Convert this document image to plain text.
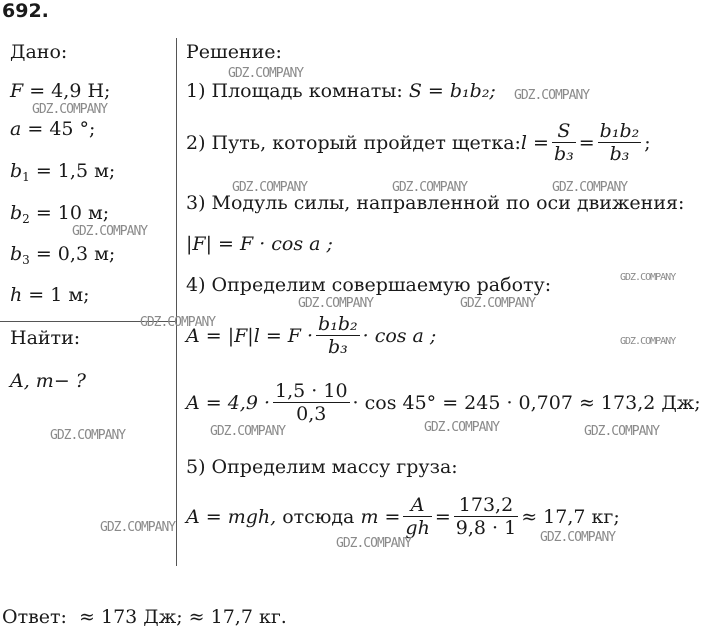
692.
Дано:
F = 4,9 Н;
a = 45 °;
$b_1 = 1,5$ м;
$b_2 = 10$ м;
$b_3 = 0,3$ м;
h = 1 м;
Найти:
A, m− ?
Решение:
1) Площадь комнаты: S = b₁b₂;
2) Путь, который пройдет щетка: $l = \frac{S}{\text{b₃}} = \frac{\text{b₁b₂}}{\text{b₃}}$ ;
3) Модуль силы, направленной по оси движения:
|F| = F · cos a ;
4) Определим совершаемую работу:
$A = |F|l = F \cdot \frac{\text{b₁b₂}}{\text{b₃}} \cdot \cos a$ ;
$A = 4,9 \cdot \frac{1,5 \cdot 10}{0,3} \cdot \cos 45^\circ = 245 \cdot 0,707 \approx 173,2$ Дж;
5) Определим массу груза:
A = mgh, отсюда $m = \frac{A}{gh} = \frac{173,2}{9,8 \cdot 1} \approx 17,7$ кг;
Ответ:  ≈ 173 Дж; ≈ 17,7 кг.
GDZ.COMPANY
GDZ.COMPANY
GDZ.COMPANY
GDZ.COMPANY	GDZ.COMPANY	GDZ.COMPANY
GDZ.COMPANY
GDZ.COMPANY
GDZ.COMPANY	GDZ.COMPANY
GDZ.COMPANY
GDZ.COMPANY
GDZ.COMPANY	GDZ.COMPANY	GDZ.COMPANY
GDZ.COMPANY
GDZ.COMPANY
GDZ.COMPANY
GDZ.COMPANY
